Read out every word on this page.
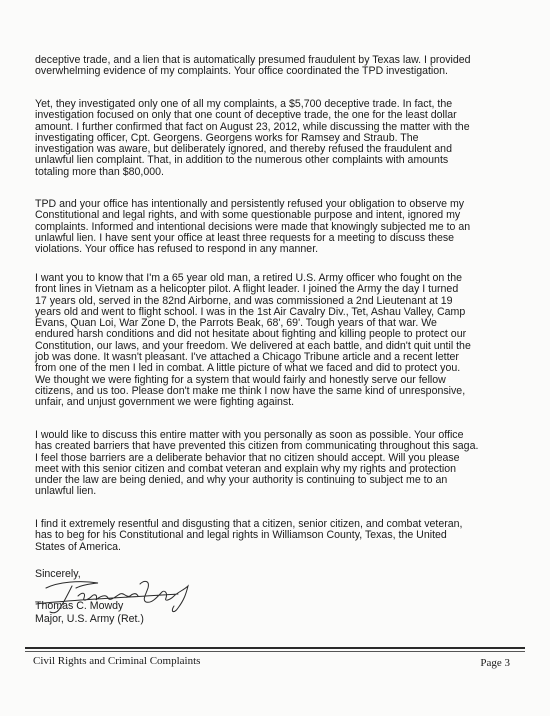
deceptive trade, and a lien that is automatically presumed fraudulent by Texas law. I provided
overwhelming evidence of my complaints. Your office coordinated the TPD investigation.
Yet, they investigated only one of all my complaints, a $5,700 deceptive trade. In fact, the
investigation focused on only that one count of deceptive trade, the one for the least dollar
amount. I further confirmed that fact on August 23, 2012, while discussing the matter with the
investigating officer, Cpt. Georgens. Georgens works for Ramsey and Straub. The
investigation was aware, but deliberately ignored, and thereby refused the fraudulent and
unlawful lien complaint. That, in addition to the numerous other complaints with amounts
totaling more than $80,000.
TPD and your office has intentionally and persistently refused your obligation to observe my
Constitutional and legal rights, and with some questionable purpose and intent, ignored my
complaints. Informed and intentional decisions were made that knowingly subjected me to an
unlawful lien. I have sent your office at least three requests for a meeting to discuss these
violations. Your office has refused to respond in any manner.
I want you to know that I'm a 65 year old man, a retired U.S. Army officer who fought on the
front lines in Vietnam as a helicopter pilot. A flight leader. I joined the Army the day I turned
17 years old, served in the 82nd Airborne, and was commissioned a 2nd Lieutenant at 19
years old and went to flight school. I was in the 1st Air Cavalry Div., Tet, Ashau Valley, Camp
Evans, Quan Loi, War Zone D, the Parrots Beak, 68', 69'. Tough years of that war. We
endured harsh conditions and did not hesitate about fighting and killing people to protect our
Constitution, our laws, and your freedom. We delivered at each battle, and didn't quit until the
job was done. It wasn't pleasant. I've attached a Chicago Tribune article and a recent letter
from one of the men I led in combat. A little picture of what we faced and did to protect you.
We thought we were fighting for a system that would fairly and honestly serve our fellow
citizens, and us too. Please don't make me think I now have the same kind of unresponsive,
unfair, and unjust government we were fighting against.
I would like to discuss this entire matter with you personally as soon as possible. Your office
has created barriers that have prevented this citizen from communicating throughout this saga.
I feel those barriers are a deliberate behavior that no citizen should accept. Will you please
meet with this senior citizen and combat veteran and explain why my rights and protection
under the law are being denied, and why your authority is continuing to subject me to an
unlawful lien.
I find it extremely resentful and disgusting that a citizen, senior citizen, and combat veteran,
has to beg for his Constitutional and legal rights in Williamson County, Texas, the United
States of America.
Sincerely,
Thomas C. Mowdy
Major, U.S. Army (Ret.)
Civil Rights and Criminal Complaints	Page 3
